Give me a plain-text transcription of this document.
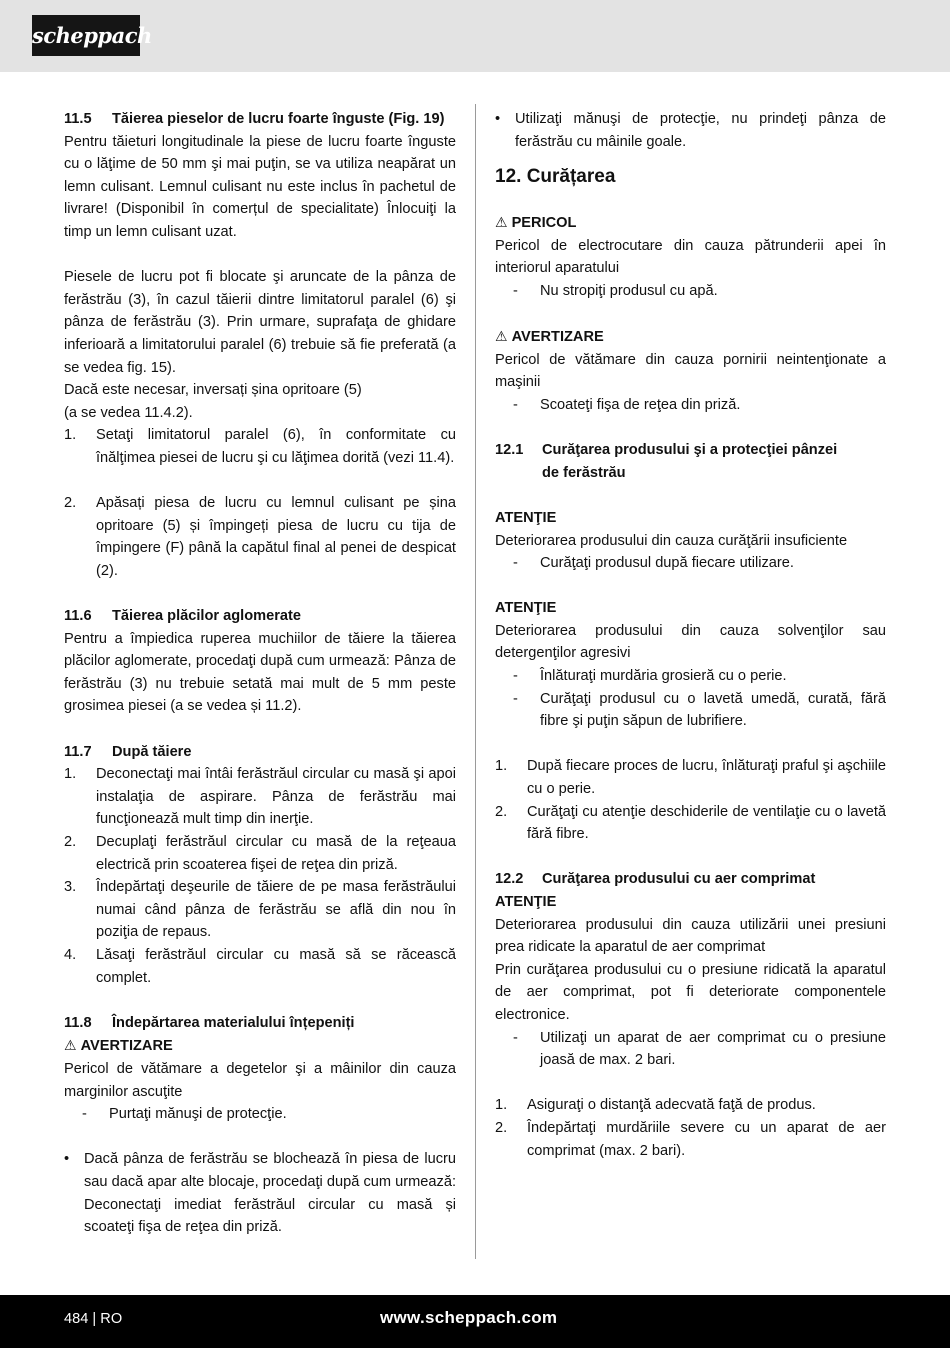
scheppach
11.5	Tăierea pieselor de lucru foarte înguste (Fig. 19)

Pentru tăieturi longitudinale la piese de lucru foarte înguste cu o lăţime de 50 mm şi mai puţin, se va utiliza neapărat un lemn culisant. Lemnul culisant nu este inclus în pachetul de livrare! (Disponibil în comerțul de specialitate) Înlocuiţi la timp un lemn culisant uzat.

Piesele de lucru pot fi blocate şi aruncate de la pânza de ferăstrău (3), în cazul tăierii dintre limitatorul paralel (6) şi pânza de ferăstrău (3). Prin urmare, suprafaţa de ghidare inferioară a limitatorului paralel (6) trebuie să fie preferată (a se vedea fig. 15).

Dacă este necesar, inversați șina opritoare (5)

(a se vedea 11.4.2).

1.	Setaţi limitatorul paralel (6), în conformitate cu înălţimea piesei de lucru şi cu lăţimea dorită (vezi 11.4).
2.	Apăsați piesa de lucru cu lemnul culisant pe șina opritoare (5) și împingeți piesa de lucru cu tija de împingere (F) până la capătul final al penei de despicat (2).
11.6	Tăierea plăcilor aglomerate

Pentru a împiedica ruperea muchiilor de tăiere la tăierea plăcilor aglomerate, procedaţi după cum urmează: Pânza de ferăstrău (3) nu trebuie setată mai mult de 5 mm peste grosimea piesei (a se vedea și 11.2).

11.7	După tăiere
1.	Deconectaţi mai întâi ferăstrăul circular cu masă şi apoi instalaţia de aspirare. Pânza de ferăstrău mai funcţionează mult timp din inerţie.
2.	Decuplaţi ferăstrăul circular cu masă de la reţeaua electrică prin scoaterea fişei de reţea din priză.
3.	Îndepărtaţi deşeurile de tăiere de pe masa ferăstrăului numai când pânza de ferăstrău se află din nou în poziţia de repaus.
4.	Lăsaţi ferăstrăul circular cu masă să se răcească complet.
11.8	Îndepărtarea materialului înțepeniți
⚠ AVERTIZARE

Pericol de vătămare a degetelor şi a mâinilor din cauza marginilor ascuţite

-	Purtaţi mănuşi de protecţie.
•	Dacă pânza de ferăstrău se blochează în piesa de lucru sau dacă apar alte blocaje, procedaţi după cum urmează: Deconectaţi imediat ferăstrăul circular cu masă și scoateţi fişa de reţea din priză.
•	Utilizaţi mănuşi de protecţie, nu prindeţi pânza de ferăstrău cu mâinile goale.
12. Curățarea
⚠ PERICOL

Pericol de electrocutare din cauza pătrunderii apei în interiorul aparatului

-	Nu stropiţi produsul cu apă.
⚠ AVERTIZARE

Pericol de vătămare din cauza pornirii neintenţionate a maşinii

-	Scoateţi fişa de reţea din priză.
12.1	Curăţarea produsului şi a protecţiei pânzei
de ferăstrău
ATENŢIE

Deteriorarea produsului din cauza curăţării insuficiente

-	Curăţaţi produsul după fiecare utilizare.
ATENŢIE

Deteriorarea produsului din cauza solvenţilor sau detergenţilor agresivi

-	Înlăturaţi murdăria grosieră cu o perie.
-	Curăţaţi produsul cu o lavetă umedă, curată, fără fibre şi puţin săpun de lubrifiere.
1.	După fiecare proces de lucru, înlăturaţi praful şi aşchiile cu o perie.
2.	Curăţaţi cu atenţie deschiderile de ventilaţie cu o lavetă fără fibre.
12.2	Curăţarea produsului cu aer comprimat
ATENŢIE

Deteriorarea produsului din cauza utilizării unei presiuni prea ridicate la aparatul de aer comprimat

Prin curăţarea produsului cu o presiune ridicată la aparatul de aer comprimat, pot fi deteriorate componentele electronice.

-	Utilizaţi un aparat de aer comprimat cu o presiune joasă de max. 2 bari.
1.	Asiguraţi o distanţă adecvată faţă de produs.
2.	Îndepărtaţi murdăriile severe cu un aparat de aer comprimat (max. 2 bari).
484 | RO	www.scheppach.com
